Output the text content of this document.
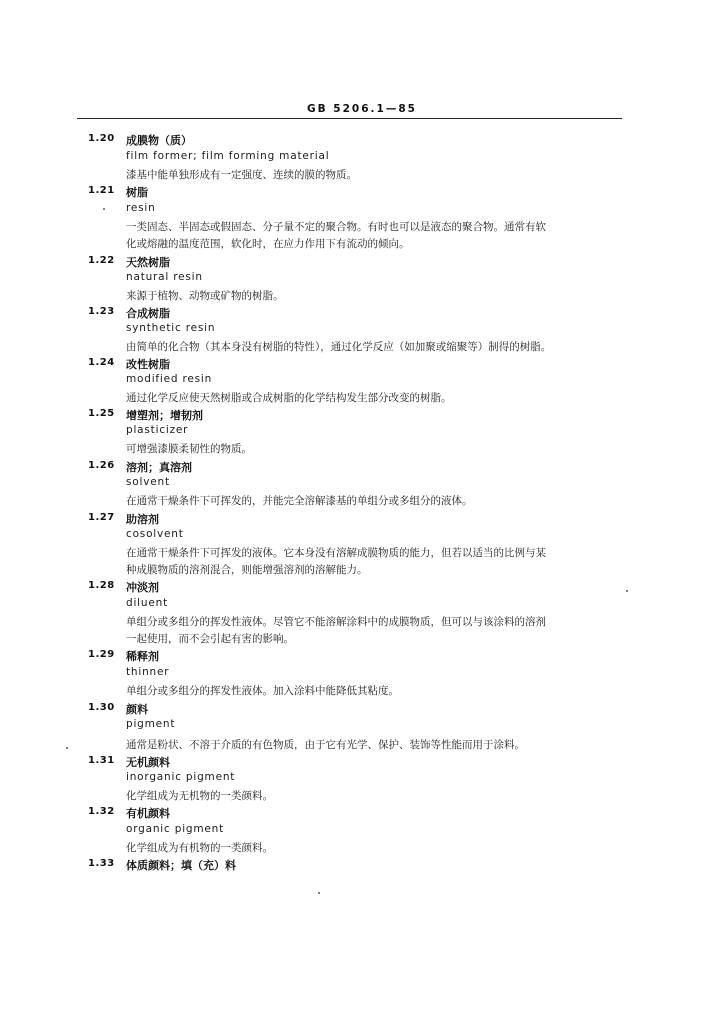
GB 5206.1—85
1.20 成膜物（质）
film former; film forming material
漆基中能单独形成有一定强度、连续的膜的物质。
1.21 树脂
resin
一类固态、半固态或假固态、分子量不定的聚合物。有时也可以是液态的聚合物。通常有软
化或熔融的温度范围，软化时，在应力作用下有流动的倾向。
1.22 天然树脂
natural resin
来源于植物、动物或矿物的树脂。
1.23 合成树脂
synthetic resin
由简单的化合物（其本身没有树脂的特性），通过化学反应（如加聚或缩聚等）制得的树脂。
1.24 改性树脂
modified resin
通过化学反应使天然树脂或合成树脂的化学结构发生部分改变的树脂。
1.25 增塑剂；增韧剂
plasticizer
可增强漆膜柔韧性的物质。
1.26 溶剂；真溶剂
solvent
在通常干燥条件下可挥发的，并能完全溶解漆基的单组分或多组分的液体。
1.27 助溶剂
cosolvent
在通常干燥条件下可挥发的液体。它本身没有溶解成膜物质的能力，但若以适当的比例与某
种成膜物质的溶剂混合，则能增强溶剂的溶解能力。
1.28 冲淡剂
diluent
单组分或多组分的挥发性液体。尽管它不能溶解涂料中的成膜物质，但可以与该涂料的溶剂
一起使用，而不会引起有害的影响。
1.29 稀释剂
thinner
单组分或多组分的挥发性液体。加入涂料中能降低其粘度。
1.30 颜料
pigment
通常是粉状、不溶于介质的有色物质，由于它有光学、保护、装饰等性能而用于涂料。
1.31 无机颜料
inorganic pigment
化学组成为无机物的一类颜料。
1.32 有机颜料
organic pigment
化学组成为有机物的一类颜料。
1.33 体质颜料；填（充）料
